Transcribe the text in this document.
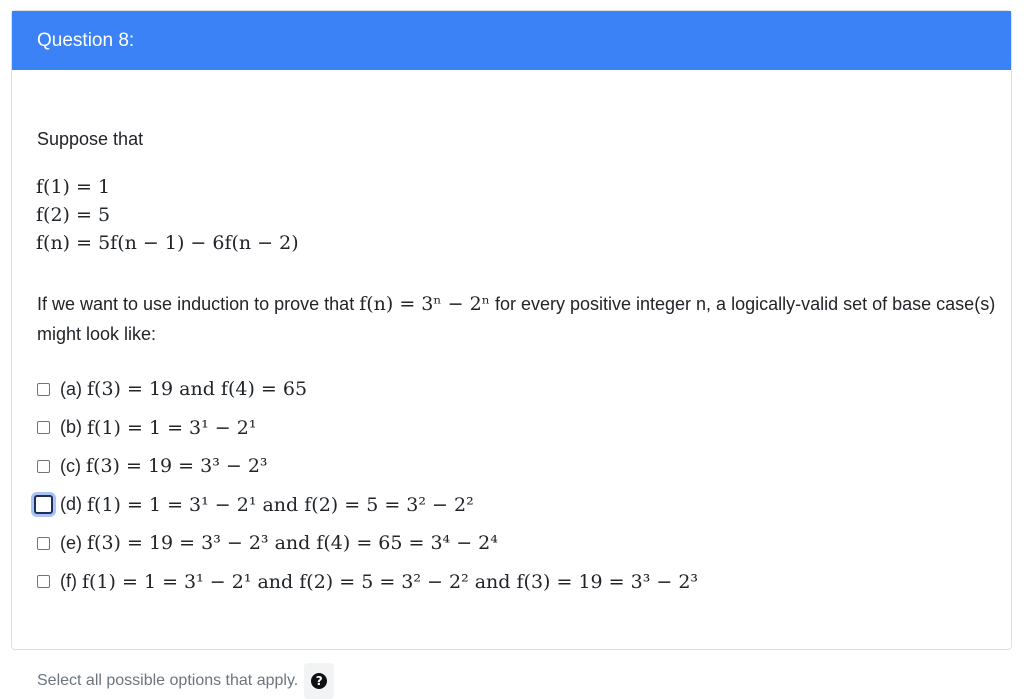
Question 8:
Suppose that
f(1) = 1
f(2) = 5
f(n) = 5f(n − 1) − 6f(n − 2)
If we want to use induction to prove that f(n) = 3ⁿ − 2ⁿ for every positive integer n, a logically-valid set of base case(s) might look like:
(a) f(3) = 19 and f(4) = 65
(b) f(1) = 1 = 3¹ − 2¹
(c) f(3) = 19 = 3³ − 2³
(d) f(1) = 1 = 3¹ − 2¹ and f(2) = 5 = 3² − 2²
(e) f(3) = 19 = 3³ − 2³ and f(4) = 65 = 3⁴ − 2⁴
(f) f(1) = 1 = 3¹ − 2¹ and f(2) = 5 = 3² − 2² and f(3) = 19 = 3³ − 2³
Select all possible options that apply.	?
